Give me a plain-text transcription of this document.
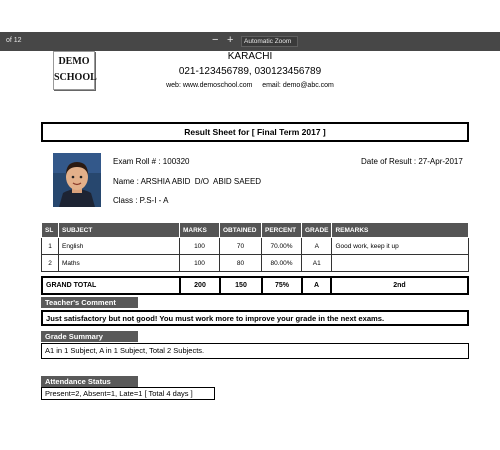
of 12	− +	Automatic Zoom
DEMO
SCHOOL
KARACHI
021-123456789, 030123456789
web: www.demoschool.com     email: demo@abc.com
Result Sheet for [ Final Term 2017 ]
Exam Roll # : 100320	Date of Result : 27-Apr-2017
Name : ARSHIA ABID  D/O  ABID SAEED
Class : P.S-I - A
SL	SUBJECT	MARKS	OBTAINED	PERCENT	GRADE	REMARKS
1	English	100	70	70.00%	A	Good work, keep it up
2	Maths	100	80	80.00%	A1	
GRAND TOTAL	200	150	75%	A	2nd
Teacher's Comment
Just satisfactory but not good! You must work more to improve your grade in the next exams.
Grade Summary
A1 in 1 Subject, A in 1 Subject, Total 2 Subjects.
Attendance Status
Present=2, Absent=1, Late=1 [ Total 4 days ]
